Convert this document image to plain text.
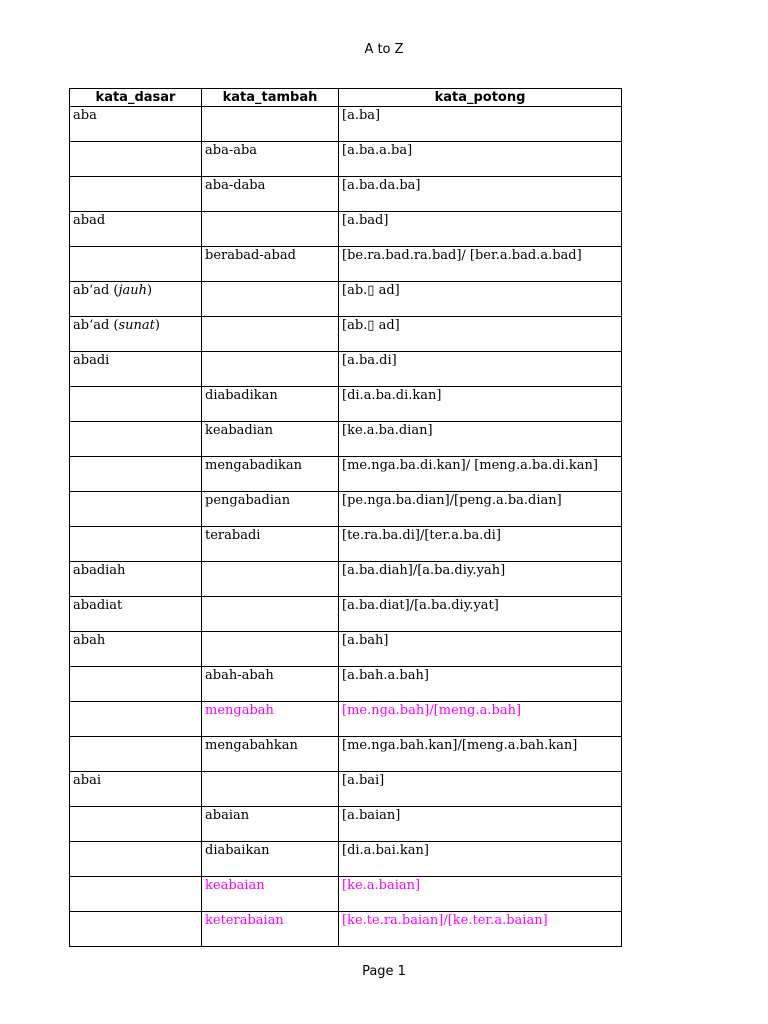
A to Z
kata_dasar	kata_tambah	kata_potong
aba		[a.ba]
	aba-aba	[a.ba.a.ba]
	aba-daba	[a.ba.da.ba]
abad		[a.bad]
	berabad-abad	[be.ra.bad.ra.bad]/ [ber.a.bad.a.bad]
ab‘ad (jauh)		[ab.▯ ad]
ab‘ad (sunat)		[ab.▯ ad]
abadi		[a.ba.di]
	diabadikan	[di.a.ba.di.kan]
	keabadian	[ke.a.ba.dian]
	mengabadikan	[me.nga.ba.di.kan]/ [meng.a.ba.di.kan]
	pengabadian	[pe.nga.ba.dian]/[peng.a.ba.dian]
	terabadi	[te.ra.ba.di]/[ter.a.ba.di]
abadiah		[a.ba.diah]/[a.ba.diy.yah]
abadiat		[a.ba.diat]/[a.ba.diy.yat]
abah		[a.bah]
	abah-abah	[a.bah.a.bah]
	mengabah	[me.nga.bah]/[meng.a.bah]
	mengabahkan	[me.nga.bah.kan]/[meng.a.bah.kan]
abai		[a.bai]
	abaian	[a.baian]
	diabaikan	[di.a.bai.kan]
	keabaian	[ke.a.baian]
	keterabaian	[ke.te.ra.baian]/[ke.ter.a.baian]
Page 1
